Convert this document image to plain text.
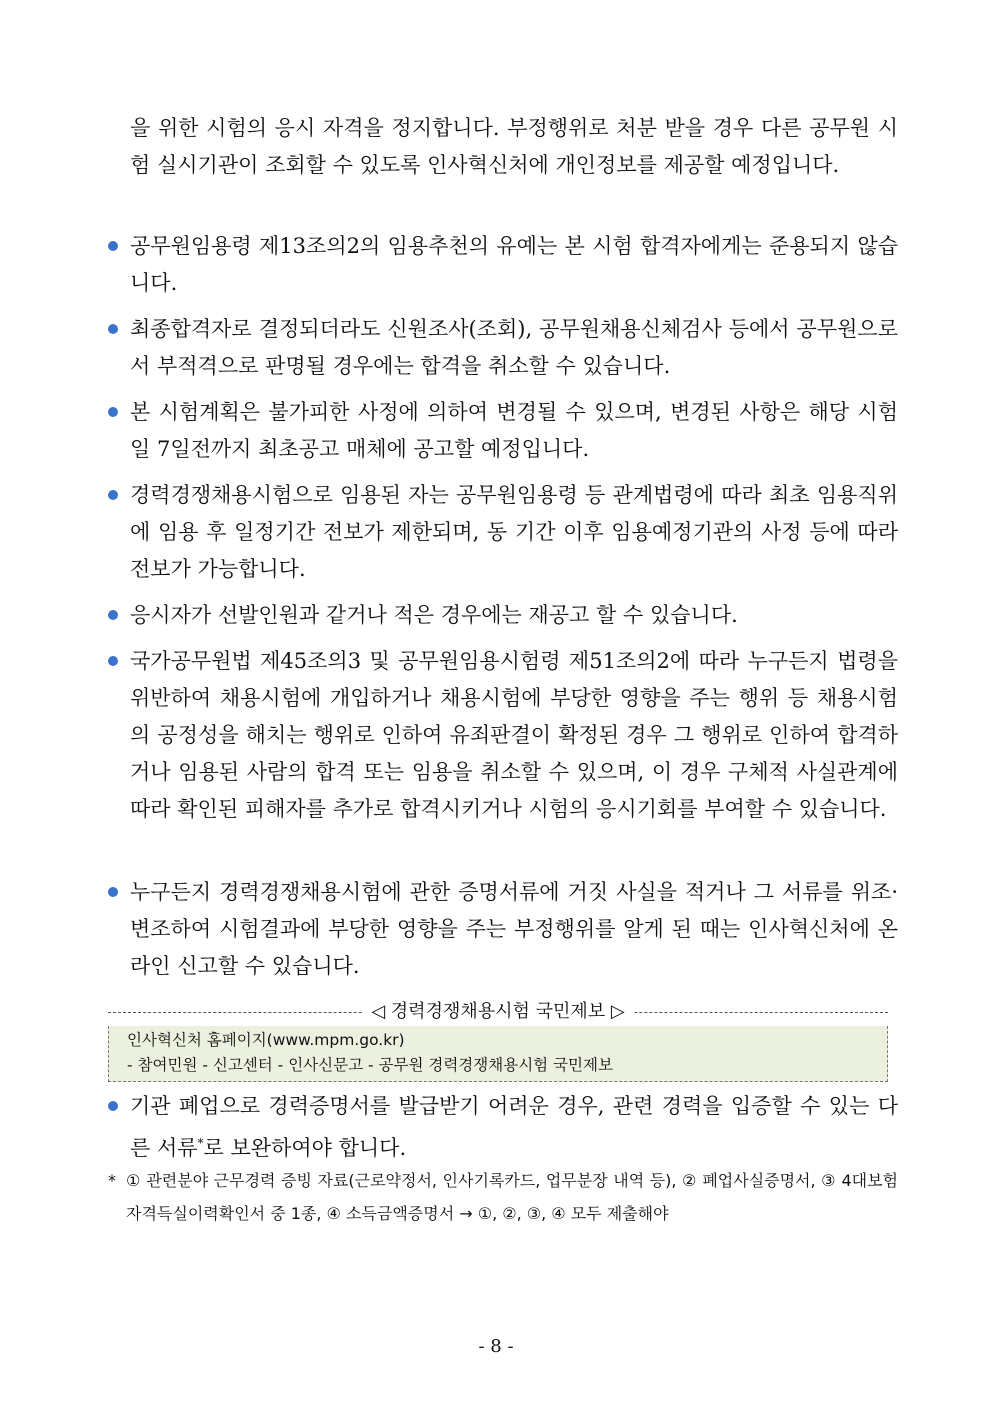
을 위한 시험의 응시 자격을 정지합니다. 부정행위로 처분 받을 경우 다른 공무원 시험 실시기관이 조회할 수 있도록 인사혁신처에 개인정보를 제공할 예정입니다.
공무원임용령 제13조의2의 임용추천의 유예는 본 시험 합격자에게는 준용되지 않습니다.
최종합격자로 결정되더라도 신원조사(조회), 공무원채용신체검사 등에서 공무원으로서 부적격으로 판명될 경우에는 합격을 취소할 수 있습니다.
본 시험계획은 불가피한 사정에 의하여 변경될 수 있으며, 변경된 사항은 해당 시험일 7일전까지 최초공고 매체에 공고할 예정입니다.
경력경쟁채용시험으로 임용된 자는 공무원임용령 등 관계법령에 따라 최초 임용직위에 임용 후 일정기간 전보가 제한되며, 동 기간 이후 임용예정기관의 사정 등에 따라 전보가 가능합니다.
응시자가 선발인원과 같거나 적은 경우에는 재공고 할 수 있습니다.
국가공무원법 제45조의3 및 공무원임용시험령 제51조의2에 따라 누구든지 법령을 위반하여 채용시험에 개입하거나 채용시험에 부당한 영향을 주는 행위 등 채용시험의 공정성을 해치는 행위로 인하여 유죄판결이 확정된 경우 그 행위로 인하여 합격하거나 임용된 사람의 합격 또는 임용을 취소할 수 있으며, 이 경우 구체적 사실관계에 따라 확인된 피해자를 추가로 합격시키거나 시험의 응시기회를 부여할 수 있습니다.
누구든지 경력경쟁채용시험에 관한 증명서류에 거짓 사실을 적거나 그 서류를 위조·변조하여 시험결과에 부당한 영향을 주는 부정행위를 알게 된 때는 인사혁신처에 온라인 신고할 수 있습니다.
◁ 경력경쟁채용시험 국민제보 ▷
인사혁신처 홈페이지(www.mpm.go.kr)
- 참여민원 - 신고센터 - 인사신문고 - 공무원 경력경쟁채용시험 국민제보
기관 폐업으로 경력증명서를 발급받기 어려운 경우, 관련 경력을 입증할 수 있는 다른 서류*로 보완하여야 합니다.
* ① 관련분야 근무경력 증빙 자료(근로약정서, 인사기록카드, 업무분장 내역 등), ② 폐업사실증명서, ③ 4대보험자격득실이력확인서 중 1종, ④ 소득금액증명서 → ①, ②, ③, ④ 모두 제출해야
- 8 -
